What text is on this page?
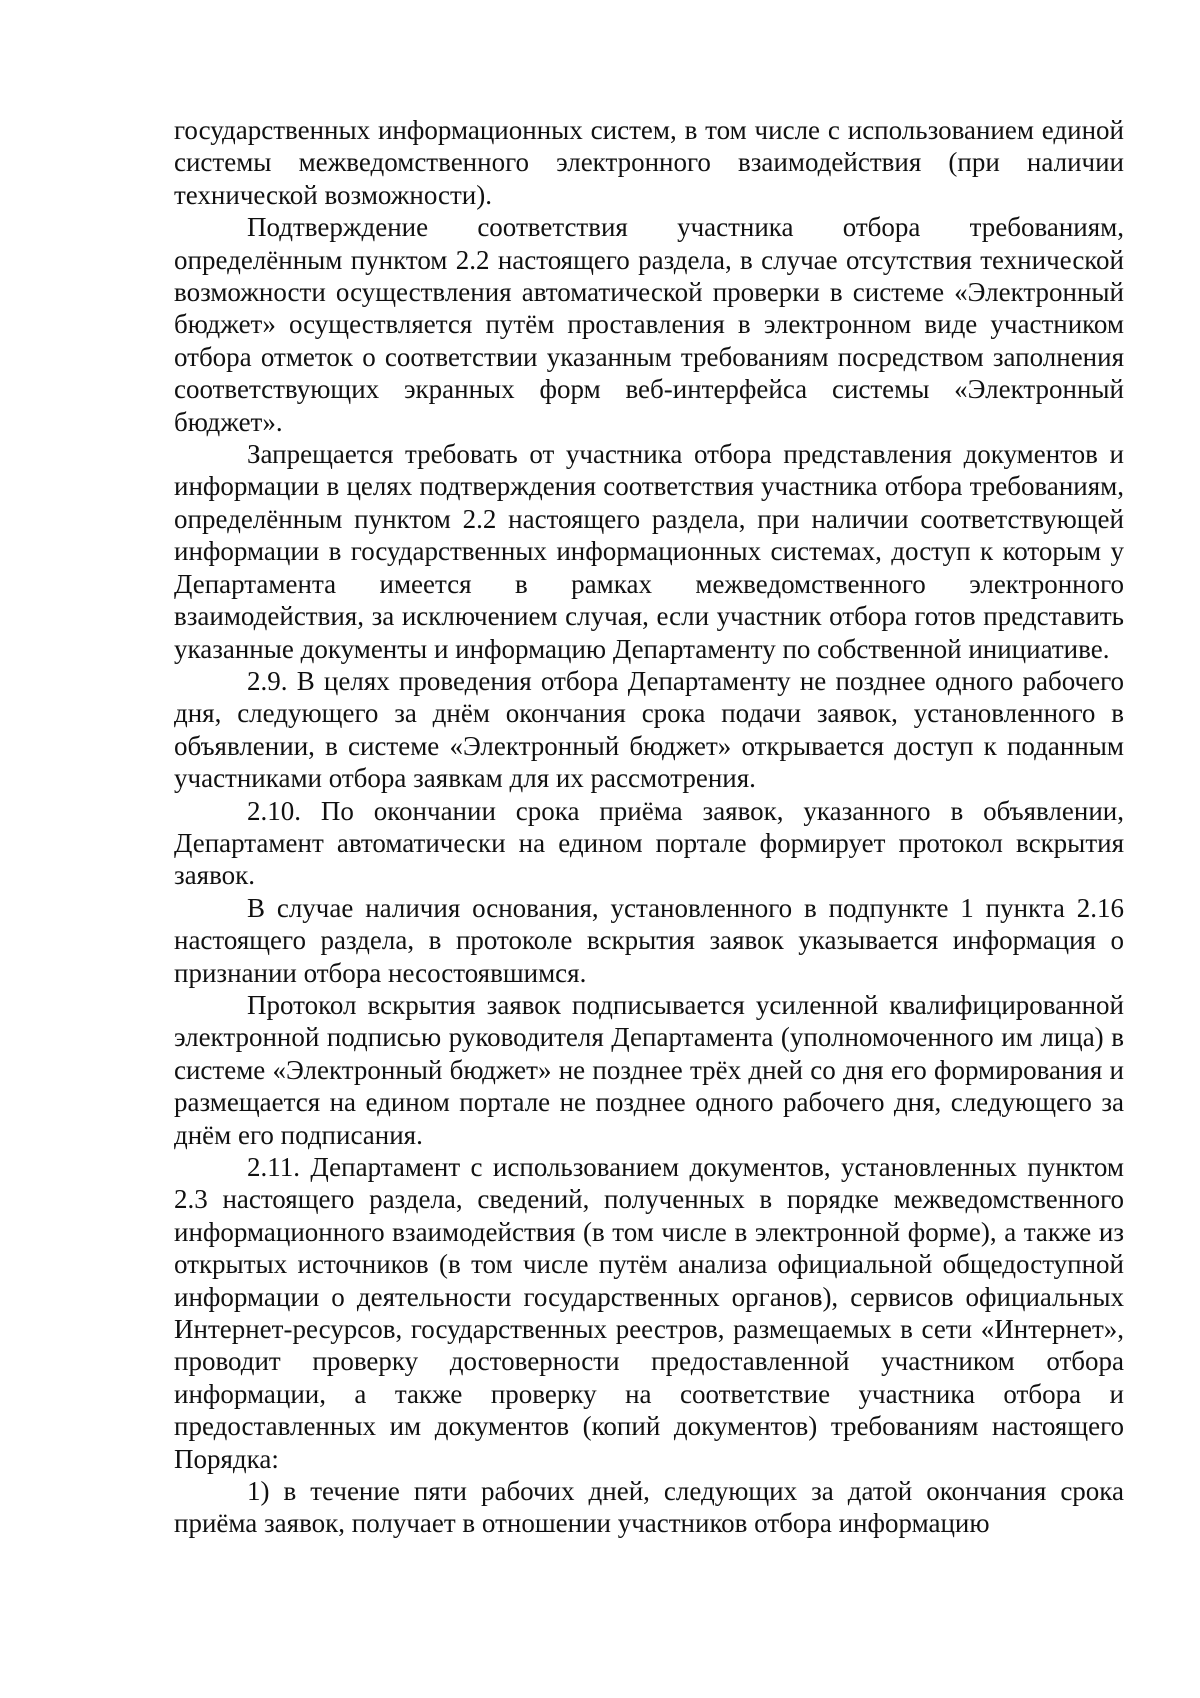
государственных информационных систем, в том числе с использованием единой системы межведомственного электронного взаимодействия (при наличии технической возможности).

Подтверждение соответствия участника отбора требованиям, определённым пунктом 2.2 настоящего раздела, в случае отсутствия технической возможности осуществления автоматической проверки в системе «Электронный бюджет» осуществляется путём проставления в электронном виде участником отбора отметок о соответствии указанным требованиям посредством заполнения соответствующих экранных форм веб-интерфейса системы «Электронный бюджет».

Запрещается требовать от участника отбора представления документов и информации в целях подтверждения соответствия участника отбора требованиям, определённым пунктом 2.2 настоящего раздела, при наличии соответствующей информации в государственных информационных системах, доступ к которым у Департамента имеется в рамках межведомственного электронного взаимодействия, за исключением случая, если участник отбора готов представить указанные документы и информацию Департаменту по собственной инициативе.

2.9. В целях проведения отбора Департаменту не позднее одного рабочего дня, следующего за днём окончания срока подачи заявок, установленного в объявлении, в системе «Электронный бюджет» открывается доступ к поданным участниками отбора заявкам для их рассмотрения.

2.10. По окончании срока приёма заявок, указанного в объявлении, Департамент автоматически на едином портале формирует протокол вскрытия заявок.

В случае наличия основания, установленного в подпункте 1 пункта 2.16 настоящего раздела, в протоколе вскрытия заявок указывается информация о признании отбора несостоявшимся.

Протокол вскрытия заявок подписывается усиленной квалифицированной электронной подписью руководителя Департамента (уполномоченного им лица) в системе «Электронный бюджет» не позднее трёх дней со дня его формирования и размещается на едином портале не позднее одного рабочего дня, следующего за днём его подписания.

2.11. Департамент с использованием документов, установленных пунктом 2.3 настоящего раздела, сведений, полученных в порядке межведомственного информационного взаимодействия (в том числе в электронной форме), а также из открытых источников (в том числе путём анализа официальной общедоступной информации о деятельности государственных органов), сервисов официальных Интернет-ресурсов, государственных реестров, размещаемых в сети «Интернет», проводит проверку достоверности предоставленной участником отбора информации, а также проверку на соответствие участника отбора и предоставленных им документов (копий документов) требованиям настоящего Порядка:

1) в течение пяти рабочих дней, следующих за датой окончания срока приёма заявок, получает в отношении участников отбора информацию
